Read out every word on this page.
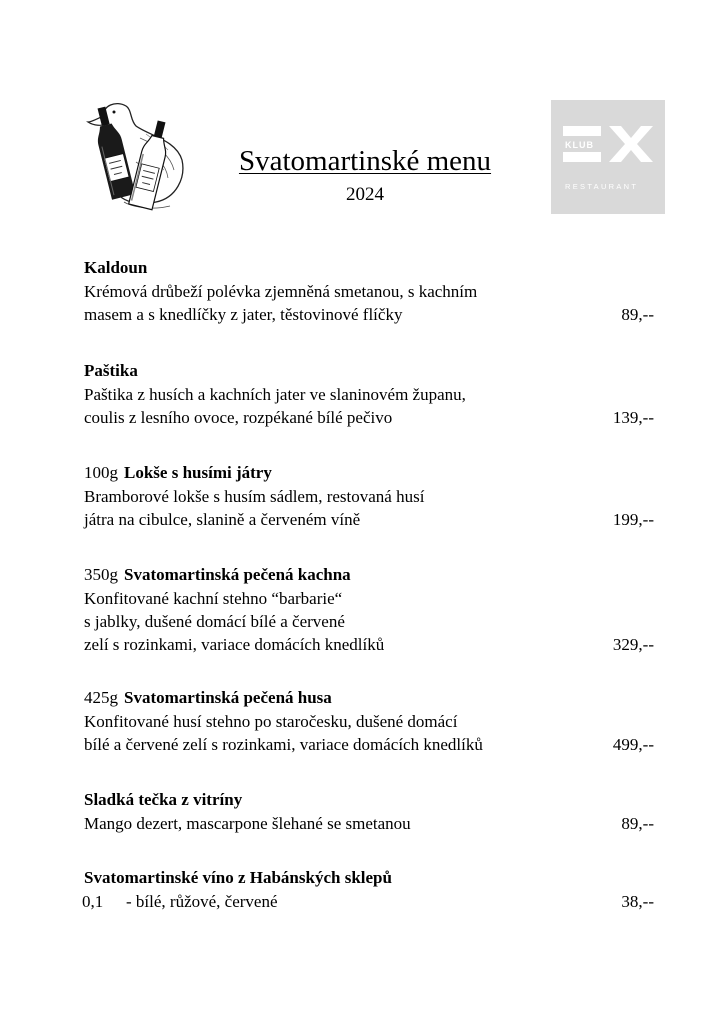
KLUB
RESTAURANT
Svatomartinské menu
2024
Kaldoun
Krémová drůbeží polévka zjemněná smetanou, s kachním
masem a s knedlíčky z jater, těstovinové flíčky	89,--
Paštika
Paštika z husích a kachních jater ve slaninovém županu,
coulis z lesního ovoce, rozpékané bílé pečivo	139,--
100g Lokše s husími játry
Bramborové lokše s husím sádlem, restovaná husí
játra na cibulce, slanině a červeném víně	199,--
350g Svatomartinská pečená kachna
Konfitované kachní stehno “barbarie“
s jablky, dušené domácí bílé a červené
zelí s rozinkami, variace domácích knedlíků	329,--
425g Svatomartinská pečená husa
Konfitované husí stehno po staročesku, dušené domácí
bílé a červené zelí s rozinkami, variace domácích knedlíků	499,--
Sladká tečka z vitríny
Mango dezert, mascarpone šlehané se smetanou	89,--
Svatomartinské víno z Habánských sklepů
0,1 - bílé, růžové, červené	38,--
